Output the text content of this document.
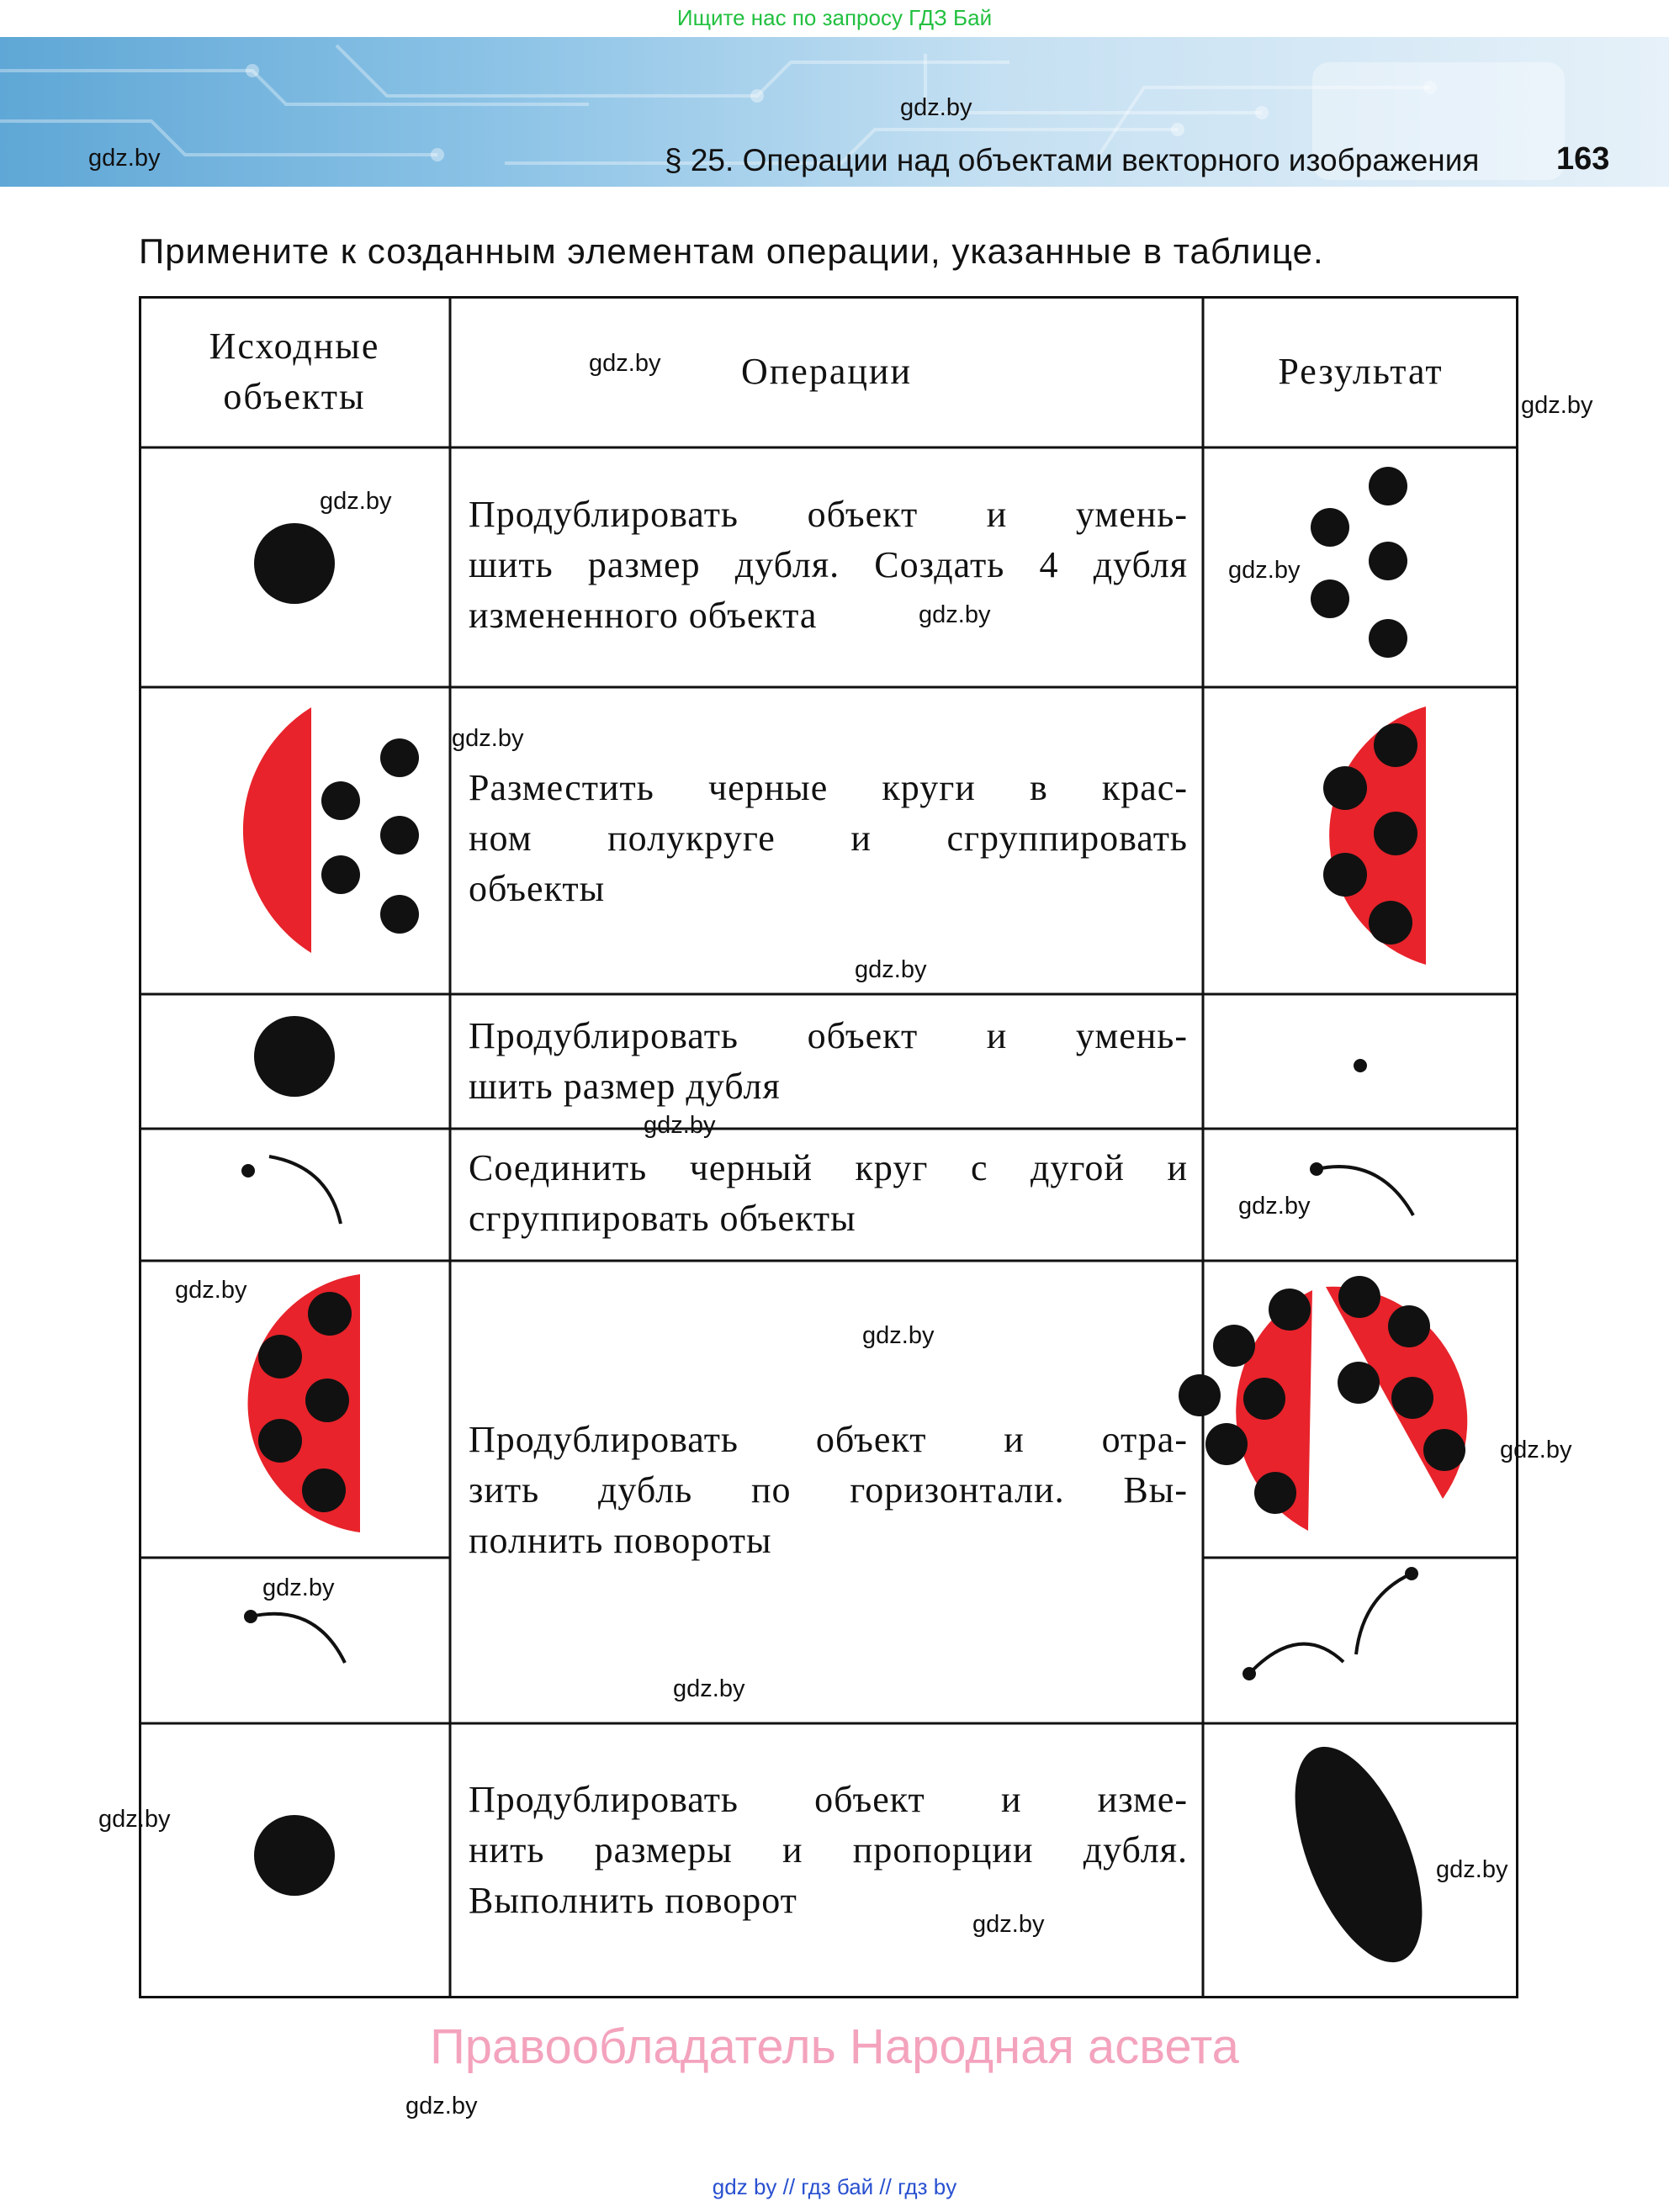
Ищите нас по запросу ГДЗ Бай
gdz.by
gdz.by	§ 25. Операции над объектами векторного изображения 163
Примените к созданным элементам операции, указанные в таблице.
Исходные
объекты
Операции	Результат
Продублировать объект и умень-
шить размер дубля. Создать 4 дубля
измененного объекта
Разместить черные круги в крас-
ном полукруге и сгруппировать
объекты
Продублировать объект и умень-
шить размер дубля
Соединить черный круг с дугой и
сгруппировать объекты
Продублировать объект и отра-
зить дубль по горизонтали. Вы-
полнить повороты
Продублировать объект и изме-
нить размеры и пропорции дубля.
Выполнить поворот
gdz.by
gdz.by
gdz.by
gdz.by
gdz.by
gdz.by
gdz.by
gdz.by
gdz.by
gdz.by
gdz.by
gdz.by
gdz.by
gdz.by
gdz.by
gdz.by
gdz.by
gdz.by
Правообладатель Народная асвета
gdz by // гдз бай // гдз by
